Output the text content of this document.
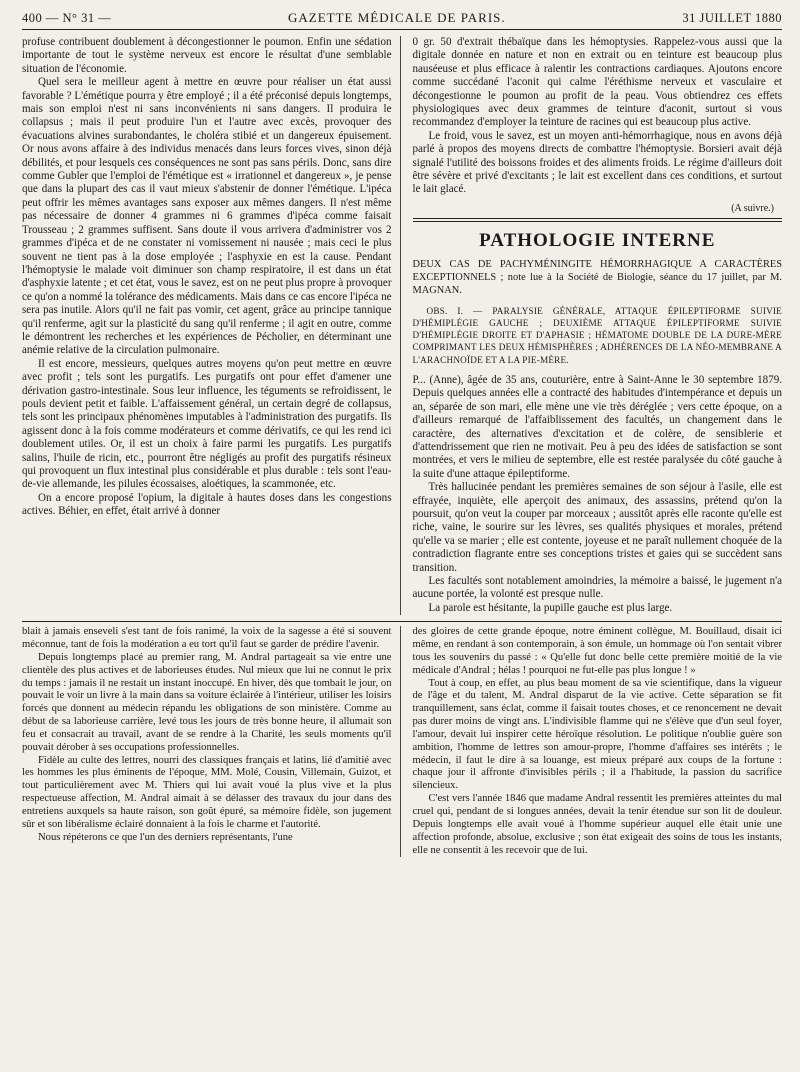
400 — N° 31 —	GAZETTE MÉDICALE DE PARIS.	31 JUILLET 1880

profuse contribuent doublement à décongestionner le poumon. Enfin une sédation importante de tout le système nerveux est encore le résultat d'une semblable situation de l'économie.

Quel sera le meilleur agent à mettre en œuvre pour réaliser un état aussi favorable ? L'émétique pourra y être employé ; il a été préconisé depuis longtemps, mais son emploi n'est ni sans inconvénients ni sans dangers. Il produira le collapsus ; mais il peut produire l'un et l'autre avec excès, provoquer des évacuations alvines surabondantes, le choléra stibié et un dangereux épuisement. Or nous avons affaire à des individus menacés dans leurs forces vives, sinon déjà débilités, et pour lesquels ces conséquences ne sont pas sans périls. Donc, sans dire comme Gubler que l'emploi de l'émétique est « irrationnel et dangereux », je pense que dans la plupart des cas il vaut mieux s'abstenir de donner l'émétique. L'ipéca peut offrir les mêmes avantages sans exposer aux mêmes dangers. Il n'est même pas nécessaire de donner 4 grammes ni 6 grammes d'ipéca comme faisait Trousseau ; 2 grammes suffisent. Sans doute il vous arrivera d'administrer vos 2 grammes d'ipéca et de ne constater ni vomissement ni nausée ; mais ceci le plus souvent ne tient pas à la dose employée ; l'asphyxie en est la cause. Pendant l'hémoptysie le malade voit diminuer son champ respiratoire, il est dans un état d'asphyxie latente ; et cet état, vous le savez, est on ne peut plus propre à provoquer ce qu'on a nommé la tolérance des médicaments. Mais dans ce cas encore l'ipéca ne sera pas inutile. Alors qu'il ne fait pas vomir, cet agent, grâce au principe tannique qu'il renferme, agit sur la plasticité du sang qu'il renferme ; il agit en outre, comme le démontrent les recherches et les expériences de Pécholier, en déterminant une anémie relative de la circulation pulmonaire.

Il est encore, messieurs, quelques autres moyens qu'on peut mettre en œuvre avec profit ; tels sont les purgatifs. Les purgatifs ont pour effet d'amener une dérivation gastro-intestinale. Sous leur influence, les téguments se refroidissent, le pouls devient petit et faible. L'affaissement général, un certain degré de collapsus, tels sont les principaux phénomènes imputables à l'administration des purgatifs. Ils agissent donc à la fois comme modérateurs et comme dérivatifs, ce qui les rend ici doublement utiles. Or, il est un choix à faire parmi les purgatifs. Les purgatifs salins, l'huile de ricin, etc., pourront être négligés au profit des purgatifs résineux qui provoquent un flux intestinal plus considérable et plus durable : tels sont l'eau-de-vie allemande, les pilules écossaises, aloétiques, la scammonée, etc.

On a encore proposé l'opium, la digitale à hautes doses dans les congestions actives. Béhier, en effet, était arrivé à donner

0 gr. 50 d'extrait thébaïque dans les hémoptysies. Rappelez-vous aussi que la digitale donnée en nature et non en extrait ou en teinture est beaucoup plus nauséeuse et plus efficace à ralentir les contractions cardiaques. Ajoutons encore comme succédané l'aconit qui calme l'éréthisme nerveux et vasculaire et décongestionne le poumon au profit de la peau. Vous obtiendrez ces effets physiologiques avec deux grammes de teinture d'aconit, surtout si vous recommandez d'employer la teinture de racines qui est beaucoup plus active.

Le froid, vous le savez, est un moyen anti-hémorrhagique, nous en avons déjà parlé à propos des moyens directs de combattre l'hémoptysie. Borsieri avait déjà signalé l'utilité des boissons froides et des aliments froids. Le régime d'ailleurs doit être sévère et privé d'excitants ; le lait est excellent dans ces conditions, et surtout le lait glacé.

(A suivre.)
PATHOLOGIE INTERNE

DEUX CAS DE PACHYMÉNINGITE HÉMORRHAGIQUE A CARACTÈRES EXCEPTIONNELS ; note lue à la Société de Biologie, séance du 17 juillet, par M. MAGNAN.

OBS. I. — PARALYSIE GÉNÉRALE, ATTAQUE ÉPILEPTIFORME SUIVIE D'HÉMIPLÉGIE GAUCHE ; DEUXIÈME ATTAQUE ÉPILEPTIFORME SUIVIE D'HÉMIPLÉGIE DROITE ET D'APHASIE ; HÉMATOME DOUBLE DE LA DURE-MÈRE COMPRIMANT LES DEUX HÉMISPHÈRES ; ADHÉRENCES DE LA NÉO-MEMBRANE A L'ARACHNOÏDE ET A LA PIE-MÈRE.

P... (Anne), âgée de 35 ans, couturière, entre à Saint-Anne le 30 septembre 1879. Depuis quelques années elle a contracté des habitudes d'intempérance et depuis un an, séparée de son mari, elle mène une vie très déréglée ; vers cette époque, on a d'ailleurs remarqué de l'affaiblissement des facultés, un changement dans le caractère, des alternatives d'excitation et de colère, de sensiblerie et d'attendrissement que rien ne motivait. Peu à peu des idées de satisfaction se sont montrées, et vers le milieu de septembre, elle est restée paralysée du côté gauche à la suite d'une attaque épileptiforme.

Très hallucinée pendant les premières semaines de son séjour à l'asile, elle est effrayée, inquiète, elle aperçoit des animaux, des assassins, prétend qu'on la poursuit, qu'on veut la couper par morceaux ; aussitôt après elle raconte qu'elle est riche, vaine, le sourire sur les lèvres, ses qualités physiques et morales, prétend qu'elle va se marier ; elle est contente, joyeuse et ne paraît nullement choquée de la contradiction flagrante entre ses conceptions tristes et gaies qui se succèdent sans transition.

Les facultés sont notablement amoindries, la mémoire a baissé, le jugement n'a aucune portée, la volonté est presque nulle.

La parole est hésitante, la pupille gauche est plus large.

blait à jamais enseveli s'est tant de fois ranimé, la voix de la sagesse a été si souvent méconnue, tant de fois la modération a eu tort qu'il faut se garder de prédire l'avenir.

Depuis longtemps placé au premier rang, M. Andral partageait sa vie entre une clientèle des plus actives et de laborieuses études. Nul mieux que lui ne connut le prix du temps : jamais il ne restait un instant inoccupé. En hiver, dès que tombait le jour, on pouvait le voir un livre à la main dans sa voiture éclairée à l'intérieur, utiliser les loisirs forcés que donnent au médecin répandu les obligations de son ministère. Comme au début de sa laborieuse carrière, levé tous les jours de très bonne heure, il allumait son feu et consacrait au travail, avant de se rendre à la Charité, les seuls moments qu'il pouvait dérober à ses occupations professionnelles.

Fidèle au culte des lettres, nourri des classiques français et latins, lié d'amitié avec les hommes les plus éminents de l'époque, MM. Molé, Cousin, Villemain, Guizot, et tout particulièrement avec M. Thiers qui lui avait voué la plus vive et la plus respectueuse affection, M. Andral aimait à se délasser des travaux du jour dans des entretiens auxquels sa haute raison, son goût épuré, sa mémoire fidèle, son jugement sûr et son libéralisme éclairé donnaient à la fois le charme et l'autorité.

Nous répéterons ce que l'un des derniers représentants, l'une

des gloires de cette grande époque, notre éminent collègue, M. Bouillaud, disait ici même, en rendant à son contemporain, à son émule, un hommage où l'on sentait vibrer tous les souvenirs du passé : « Qu'elle fut donc belle cette première moitié de la vie médicale d'Andral ; hélas ! pourquoi ne fut-elle pas plus longue ! »

Tout à coup, en effet, au plus beau moment de sa vie scientifique, dans la vigueur de l'âge et du talent, M. Andral disparut de la vie active. Cette séparation se fit tranquillement, sans éclat, comme il faisait toutes choses, et ce renoncement ne devait pas durer moins de vingt ans. L'indivisible flamme qui ne s'élève que d'un seul foyer, l'amour, devait lui inspirer cette héroïque résolution. Le politique n'oublie guère son ambition, l'homme de lettres son amour-propre, l'homme d'affaires ses intérêts ; le médecin, il faut le dire à sa louange, est mieux préparé aux coups de la fortune : chaque jour il affronte d'invisibles périls ; il a l'habitude, la passion du sacrifice silencieux.

C'est vers l'année 1846 que madame Andral ressentit les premières atteintes du mal cruel qui, pendant de si longues années, devait la tenir étendue sur son lit de douleur. Depuis longtemps elle avait voué à l'homme supérieur auquel elle était unie une affection profonde, absolue, exclusive ; son état exigeait des soins de tous les instants, elle ne consentit à les recevoir que de lui.
